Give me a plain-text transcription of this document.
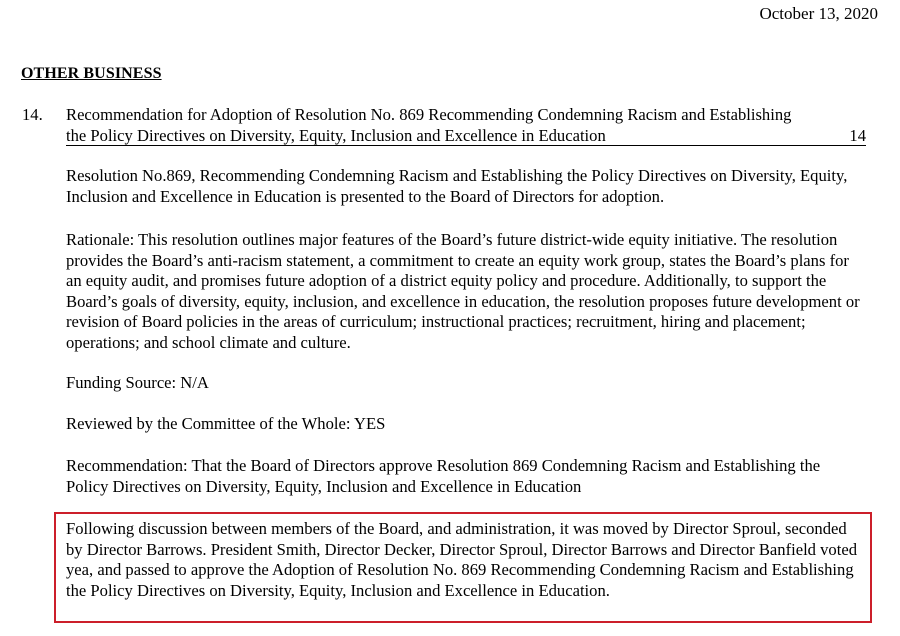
October 13, 2020
OTHER BUSINESS
14. Recommendation for Adoption of Resolution No. 869 Recommending Condemning Racism and Establishing
the Policy Directives on Diversity, Equity, Inclusion and Excellence in Education	14
Resolution No.869, Recommending Condemning Racism and Establishing the Policy Directives on Diversity, Equity, Inclusion and Excellence in Education is presented to the Board of Directors for adoption.
Rationale: This resolution outlines major features of the Board’s future district-wide equity initiative. The resolution provides the Board’s anti-racism statement, a commitment to create an equity work group, states the Board’s plans for an equity audit, and promises future adoption of a district equity policy and procedure. Additionally, to support the Board’s goals of diversity, equity, inclusion, and excellence in education, the resolution proposes future development or revision of Board policies in the areas of curriculum; instructional practices; recruitment, hiring and placement; operations; and school climate and culture.
Funding Source: N/A
Reviewed by the Committee of the Whole: YES
Recommendation: That the Board of Directors approve Resolution 869 Condemning Racism and Establishing the Policy Directives on Diversity, Equity, Inclusion and Excellence in Education
Following discussion between members of the Board, and administration, it was moved by Director Sproul, seconded by Director Barrows. President Smith, Director Decker, Director Sproul, Director Barrows and Director Banfield voted yea, and passed to approve the Adoption of Resolution No. 869 Recommending Condemning Racism and Establishing the Policy Directives on Diversity, Equity, Inclusion and Excellence in Education.
